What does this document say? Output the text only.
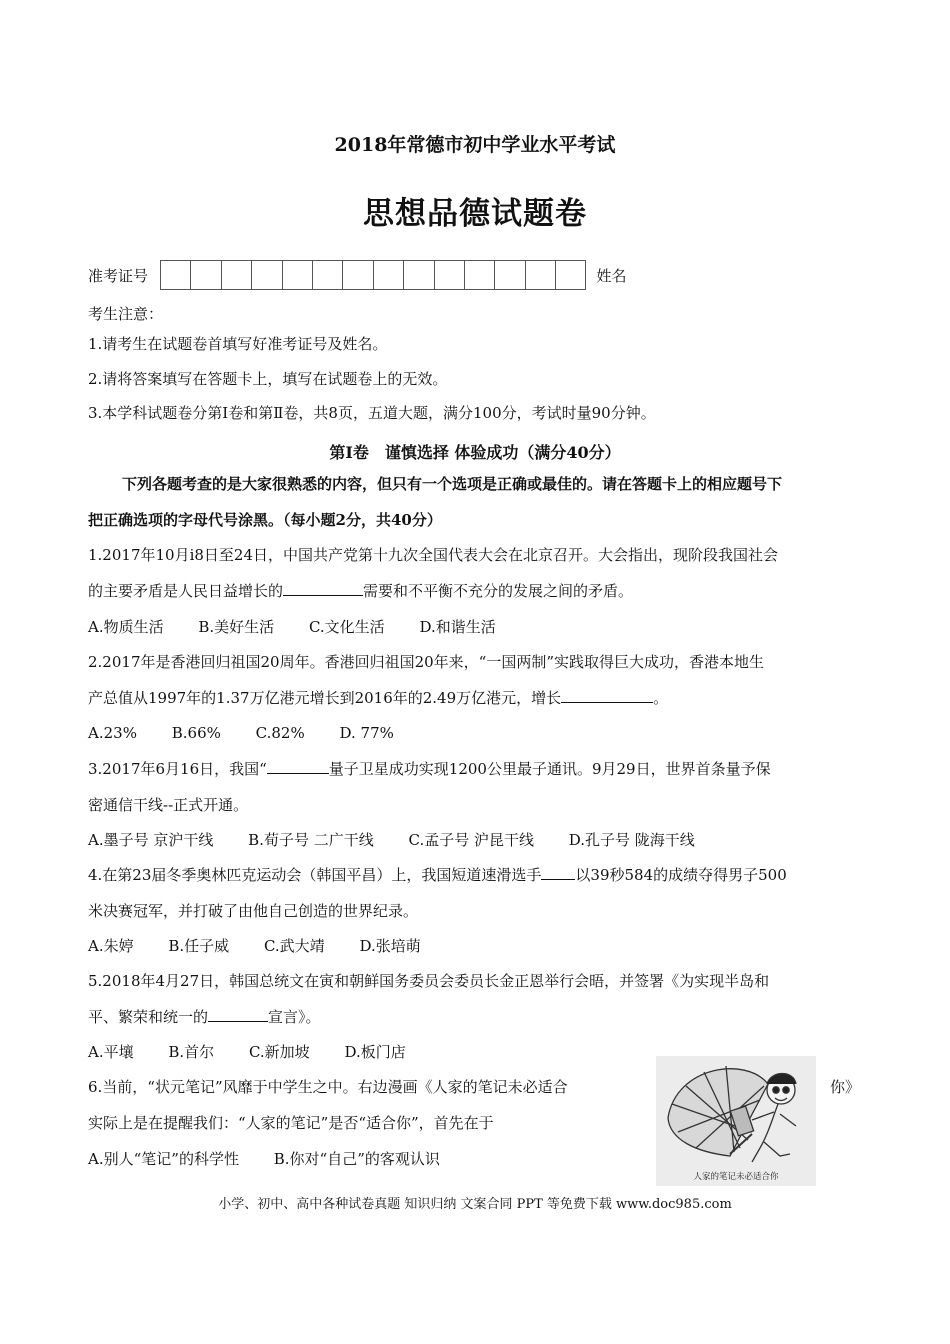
2018年常德市初中学业水平考试
思想品德试题卷
准考证号	姓名
考生注意：
1.请考生在试题卷首填写好准考证号及姓名。
2.请将答案填写在答题卡上，填写在试题卷上的无效。
3.本学科试题卷分第Ⅰ卷和第Ⅱ卷，共8页，五道大题，满分100分，考试时量90分钟。
第Ⅰ卷　谨慎选择 体验成功（满分40分）
下列各题考查的是大家很熟悉的内容，但只有一个选项是正确或最佳的。请在答题卡上的相应题号下
把正确选项的字母代号涂黑。（每小题2分，共40分）
1.2017年10月i8日至24日，中国共产党第十九次全国代表大会在北京召开。大会指出，现阶段我国社会
的主要矛盾是人民日益增长的	需要和不平衡不充分的发展之间的矛盾。
A.物质生活 B.美好生活 C.文化生活 D.和谐生活
2.2017年是香港回归祖国20周年。香港回归祖国20年来，“一国两制”实践取得巨大成功，香港本地生
产总值从1997年的1.37万亿港元增长到2016年的2.49万亿港元，增长	。
A.23% B.66% C.82% D. 77%
3.2017年6月16日，我国“	量子卫星成功实现1200公里最子通讯。9月29日，世界首条量予保
密通信干线--正式开通。
A.墨子号 京沪干线 B.荀子号 二广干线 C.孟子号 沪昆干线 D.孔子号 陇海干线
4.在第23届冬季奥林匹克运动会（韩国平昌）上，我国短道速滑选手 以39秒584的成绩夺得男子500
米决赛冠军，并打破了由他自己创造的世界纪录。
A.朱婷 B.任子威 C.武大靖 D.张培萌
5.2018年4月27日，韩国总统文在寅和朝鲜国务委员会委员长金正恩举行会晤，并签署《为实现半岛和
平、繁荣和统一的	宣言》。
A.平壤 B.首尔 C.新加坡 D.板门店
6.当前，“状元笔记”风靡于中学生之中。右边漫画《人家的笔记未必适合	你》
实际上是在提醒我们：“人家的笔记”是否“适合你”，首先在于
A.别人“笔记”的科学性 B.你对“自己”的客观认识
人家的笔记未必适合你
小学、初中、高中各种试卷真题 知识归纳 文案合同 PPT 等免费下载 www.doc985.com
